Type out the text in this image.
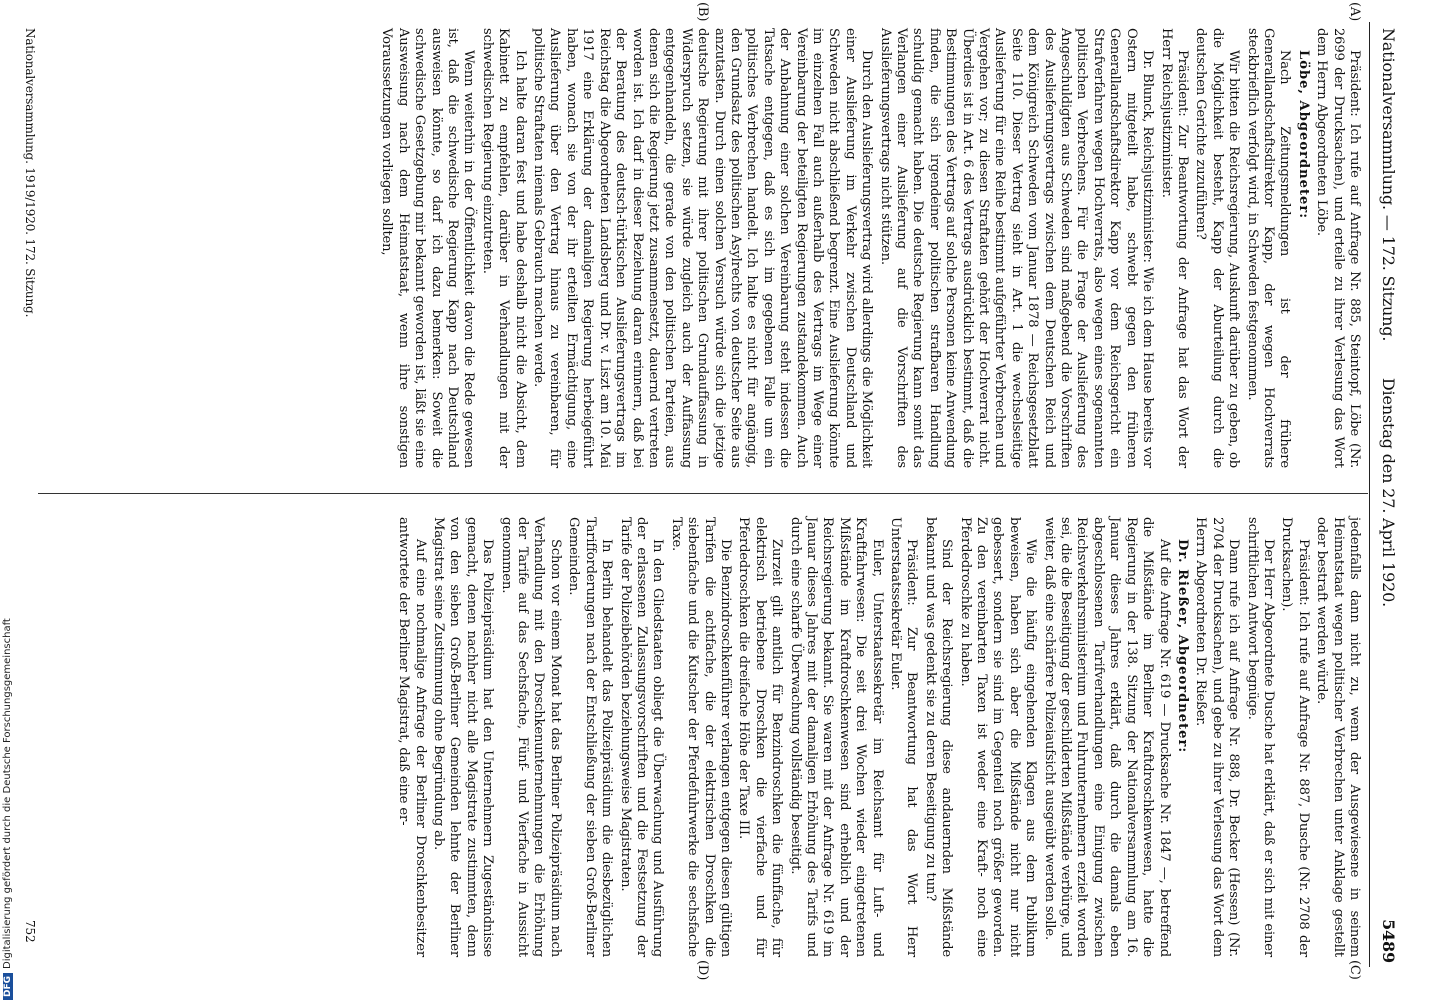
Nationalversammlung. — 172. Sitzung.
Dienstag den 27. April 1920.
5489
(A)
(B)
(C)
(D)

Präsident: Ich rufe auf Anfrage Nr. 885, Steintopf, Löbe (Nr. 2699 der Drucksachen), und erteile zu ihrer Verlesung das Wort dem Herrn Abgeordneten Löbe.

Löbe, Abgeordneter:

Nach Zeitungsmeldungen ist der frühere Generallandschaftsdirektor Kapp, der wegen Hochverrats steckbrieflich verfolgt wird, in Schweden festgenommen.

Wir bitten die Reichsregierung, Auskunft darüber zu geben, ob die Möglichkeit besteht, Kapp der Aburteilung durch die deutschen Gerichte zuzuführen?

Präsident: Zur Beantwortung der Anfrage hat das Wort der Herr Reichsjustizminister.

Dr. Blunck, Reichsjustizminister: Wie ich dem Hause bereits vor Ostern mitgeteilt habe, schwebt gegen den früheren Generallandschaftsdirektor Kapp vor dem Reichsgericht ein Strafverfahren wegen Hochverrats, also wegen eines sogenannten politischen Verbrechens. Für die Frage der Auslieferung des Angeschuldigten aus Schweden sind maßgebend die Vorschriften des Auslieferungsvertrags zwischen dem Deutschen Reich und dem Königreich Schweden vom Januar 1878 — Reichsgesetzblatt Seite 110. Dieser Vertrag sieht in Art. 1 die wechselseitige Auslieferung für eine Reihe bestimmt aufgeführter Verbrechen und Vergehen vor; zu diesen Straftaten gehört der Hochverrat nicht. Überdies ist in Art. 6 des Vertrags ausdrücklich bestimmt, daß die Bestimmungen des Vertrags auf solche Personen keine Anwendung finden, die sich irgendeiner politischen strafbaren Handlung schuldig gemacht haben. Die deutsche Regierung kann somit das Verlangen einer Auslieferung auf die Vorschriften des Auslieferungsvertrags nicht stützen.

Durch den Auslieferungsvertrag wird allerdings die Möglichkeit einer Auslieferung im Verkehr zwischen Deutschland und Schweden nicht abschließend begrenzt. Eine Auslieferung könnte im einzelnen Fall auch außerhalb des Vertrags im Wege einer Vereinbarung der beteiligten Regierungen zustandekommen. Auch der Anbahnung einer solchen Vereinbarung steht indessen die Tatsache entgegen, daß es sich im gegebenen Falle um ein politisches Verbrechen handelt. Ich halte es nicht für angängig, den Grundsatz des politischen Asylrechts von deutscher Seite aus anzutasten. Durch einen solchen Versuch würde sich die jetzige deutsche Regierung mit ihrer politischen Grundauffassung in Widerspruch setzen, sie würde zugleich auch der Auffassung entgegenhandeln, die gerade von den politischen Parteien, aus denen sich die Regierung jetzt zusammensetzt, dauernd vertreten worden ist. Ich darf in dieser Beziehung daran erinnern, daß bei der Beratung des deutsch-türkischen Auslieferungsvertrags im Reichstag die Abgeordneten Landsberg und Dr. v. Liszt am 10. Mai 1917 eine Erklärung der damaligen Regierung herbeigeführt haben, wonach sie von der ihr erteilten Ermächtigung, eine Auslieferung über den Vertrag hinaus zu vereinbaren, für politische Straftaten niemals Gebrauch machen werde.

Ich halte daran fest und habe deshalb nicht die Absicht, dem Kabinett zu empfehlen, darüber in Verhandlungen mit der schwedischen Regierung einzutreten.

Wenn weiterhin in der Öffentlichkeit davon die Rede gewesen ist, daß die schwedische Regierung Kapp nach Deutschland ausweisen könnte, so darf ich dazu bemerken: Soweit die schwedische Gesetzgebung mir bekannt geworden ist, läßt sie eine Ausweisung nach dem Heimatstaat, wenn ihre sonstigen Voraussetzungen vorliegen sollten,

jedenfalls dann nicht zu, wenn der Ausgewiesene in seinem Heimatstaat wegen politischer Verbrechen unter Anklage gestellt oder bestraft werden würde.

Präsident: Ich rufe auf Anfrage Nr. 887, Dusche (Nr. 2708 der Drucksachen).

Der Herr Abgeordnete Dusche hat erklärt, daß er sich mit einer schriftlichen Antwort begnüge.

Dann rufe ich auf Anfrage Nr. 888, Dr. Becker (Hessen) (Nr. 2704 der Drucksachen), und gebe zu ihrer Verlesung das Wort dem Herrn Abgeordneten Dr. Rießer.

Dr. Rießer, Abgeordneter:

Auf die Anfrage Nr. 619 — Drucksache Nr. 1847 —, betreffend die Mißstände im Berliner Kraftdroschkenwesen, hatte die Regierung in der 138. Sitzung der Nationalversammlung am 16. Januar dieses Jahres erklärt, daß durch die damals eben abgeschlossenen Tarifverhandlungen eine Einigung zwischen Reichsverkehrsministerium und Fuhrunternehmern erzielt worden sei, die die Beseitigung der geschilderten Mißstände verbürge, und weiter, daß eine schärfere Polizeiaufsicht ausgeübt werden solle.

Wie die häufig eingehenden Klagen aus dem Publikum beweisen, haben sich aber die Mißstände nicht nur nicht gebessert, sondern sie sind im Gegenteil noch größer geworden. Zu den vereinbarten Taxen ist weder eine Kraft- noch eine Pferdedroschke zu haben.

Sind der Reichsregierung diese andauernden Mißstände bekannt und was gedenkt sie zu deren Beseitigung zu tun?

Präsident: Zur Beantwortung hat das Wort Herr Unterstaatssekretär Euler.

Euler, Unterstaatssekretär im Reichsamt für Luft- und Kraftfahrwesen: Die seit drei Wochen wieder eingetretenen Mißstände im Kraftdroschkenwesen sind erheblich und der Reichsregierung bekannt. Sie waren mit der Anfrage Nr. 619 im Januar dieses Jahres mit der damaligen Erhöhung des Tarifs und durch eine scharfe Überwachung vollständig beseitigt.

Zurzeit gilt amtlich für Benzindroschken die fünffache, für elektrisch betriebene Droschken die vierfache und für Pferdedroschken die dreifache Höhe der Taxe III.

Die Benzindroschkenführer verlangen entgegen diesen gültigen Tarifen die achtfache, die der elektrischen Droschken die siebenfache und die Kutscher der Pferdefuhrwerke die sechsfache Taxe.

In den Gliedstaaten obliegt die Überwachung und Ausführung der erlassenen Zulassungsvorschriften und die Festsetzung der Tarife der Polizeibehörden beziehungsweise Magistraten.

In Berlin behandelt das Polizeipräsidium die diesbezüglichen Tarifforderungen nach der Entschließung der sieben Groß-Berliner Gemeinden.

Schon vor einem Monat hat das Berliner Polizeipräsidium nach Verhandlung mit den Droschkenunternehmungen die Erhöhung der Tarife auf das Sechsfache, Fünf- und Vierfache in Aussicht genommen.

Das Polizeipräsidium hat den Unternehmern Zugeständnisse gemacht, denen nachher nicht alle Magistrate zustimmten, denn von den sieben Groß-Berliner Gemeinden lehnte der Berliner Magistrat seine Zustimmung ohne Begründung ab.

Auf eine nochmalige Anfrage der Berliner Droschkenbesitzer antwortete der Berliner Magistrat, daß eine er-

Nationalversammlung. 1919/1920. 172. Sitzung.
752
DFGDigitalisierung gefördert durch die Deutsche Forschungsgemeinschaft
